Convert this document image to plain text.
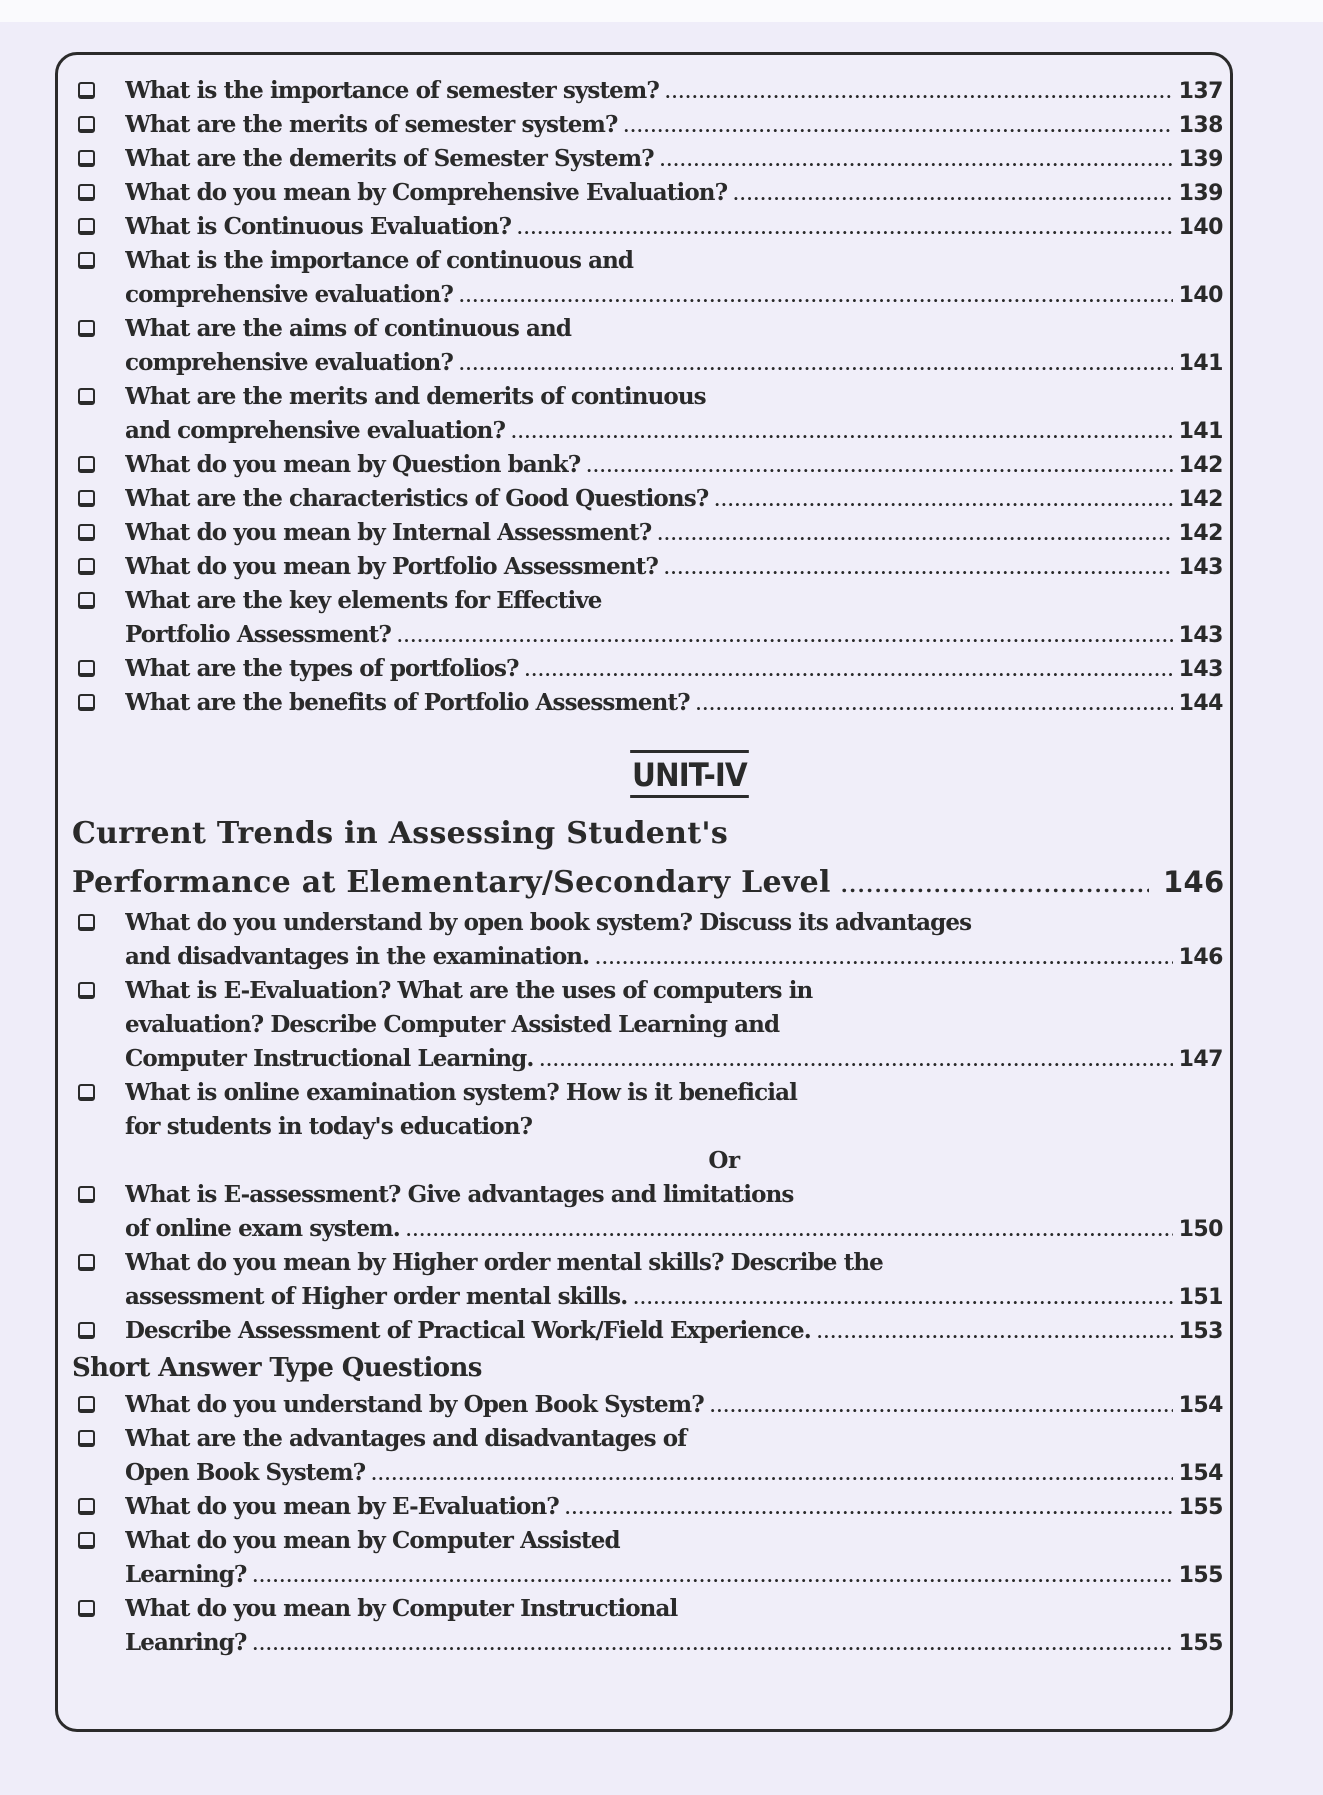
What is the importance of semester system? .....	137
What are the merits of semester system? .....	138
What are the demerits of Semester System? .....	139
What do you mean by Comprehensive Evaluation? .....	139
What is Continuous Evaluation? .....	140
What is the importance of continuous and
comprehensive evaluation? .....	140
What are the aims of continuous and
comprehensive evaluation? .....	141
What are the merits and demerits of continuous
and comprehensive evaluation? .....	141
What do you mean by Question bank? .....	142
What are the characteristics of Good Questions? .....	142
What do you mean by Internal Assessment? .....	142
What do you mean by Portfolio Assessment? .....	143
What are the key elements for Effective
Portfolio Assessment? .....	143
What are the types of portfolios? .....	143
What are the benefits of Portfolio Assessment? .....	144
UNIT-IV
Current Trends in Assessing Student's
Performance at Elementary/Secondary Level .....	146
What do you understand by open book system? Discuss its advantages
and disadvantages in the examination. .....	146
What is E-Evaluation? What are the uses of computers in
evaluation? Describe Computer Assisted Learning and
Computer Instructional Learning. .....	147
What is online examination system? How is it beneficial
for students in today's education?
Or
What is E-assessment? Give advantages and limitations
of online exam system. .....	150
What do you mean by Higher order mental skills? Describe the
assessment of Higher order mental skills. .....	151
Describe Assessment of Practical Work/Field Experience. .....	153
Short Answer Type Questions
What do you understand by Open Book System? .....	154
What are the advantages and disadvantages of
Open Book System? .....	154
What do you mean by E-Evaluation? .....	155
What do you mean by Computer Assisted
Learning? .....	155
What do you mean by Computer Instructional
Leanring? .....	155
